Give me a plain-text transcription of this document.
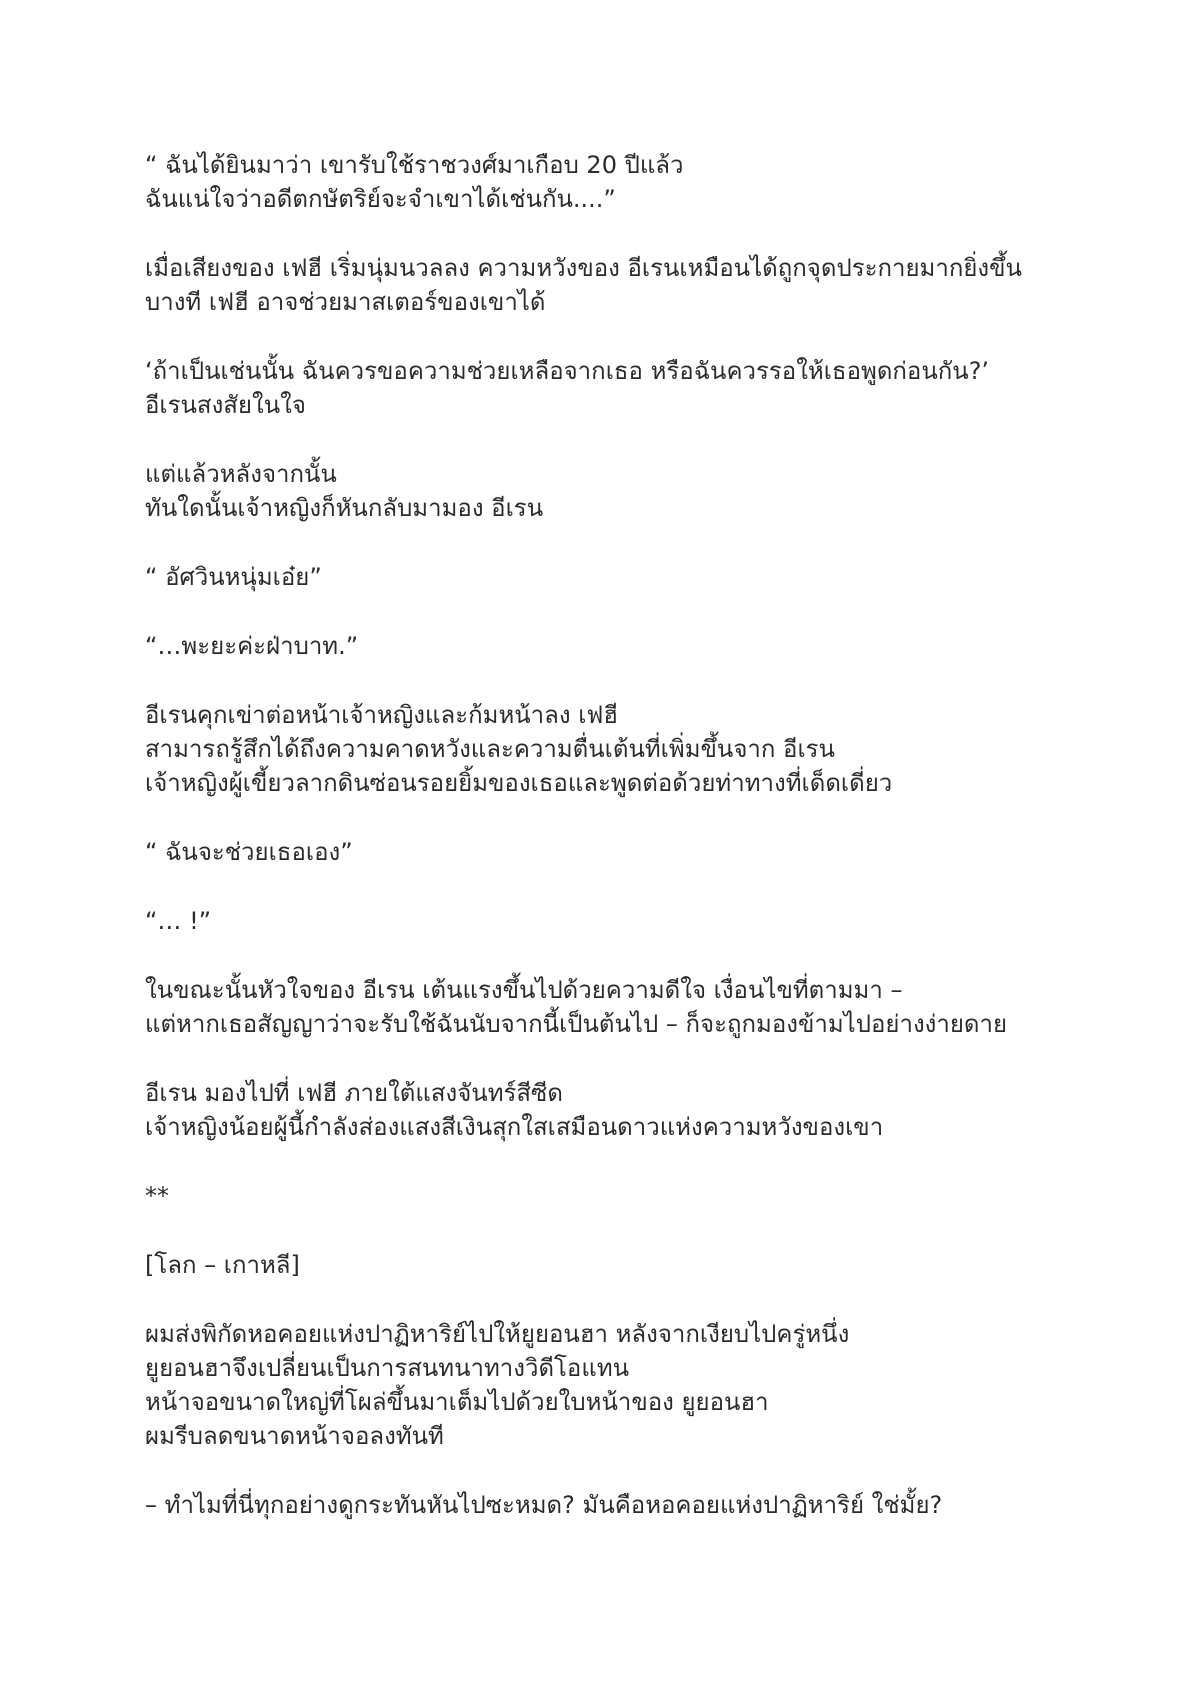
“ ฉันได้ยินมาว่า เขารับใช้ราชวงศ์มาเกือบ 20 ปีแล้ว
ฉันแน่ใจว่าอดีตกษัตริย์จะจำเขาได้เช่นกัน....”
เมื่อเสียงของ เฟฮี เริ่มนุ่มนวลลง ความหวังของ อีเรนเหมือนได้ถูกจุดประกายมากยิ่งขึ้น
บางที เฟฮี อาจช่วยมาสเตอร์ของเขาได้
‘ถ้าเป็นเช่นนั้น ฉันควรขอความช่วยเหลือจากเธอ หรือฉันควรรอให้เธอพูดก่อนกัน?’
อีเรนสงสัยในใจ
แต่แล้วหลังจากนั้น
ทันใดนั้นเจ้าหญิงก็หันกลับมามอง อีเรน
“ อัศวินหนุ่มเอ๋ย”
“…พะยะค่ะฝ่าบาท.”
อีเรนคุกเข่าต่อหน้าเจ้าหญิงและก้มหน้าลง เฟฮี
สามารถรู้สึกได้ถึงความคาดหวังและความตื่นเต้นที่เพิ่มขึ้นจาก อีเรน
เจ้าหญิงผู้เขี้ยวลากดินซ่อนรอยยิ้มของเธอและพูดต่อด้วยท่าทางที่เด็ดเดี่ยว
“ ฉันจะช่วยเธอเอง”
“… !”
ในขณะนั้นหัวใจของ อีเรน เต้นแรงขึ้นไปด้วยความดีใจ เงื่อนไขที่ตามมา –
แต่หากเธอสัญญาว่าจะรับใช้ฉันนับจากนี้เป็นต้นไป – ก็จะถูกมองข้ามไปอย่างง่ายดาย
อีเรน มองไปที่ เฟฮี ภายใต้แสงจันทร์สีซีด
เจ้าหญิงน้อยผู้นี้กำลังส่องแสงสีเงินสุกใสเสมือนดาวแห่งความหวังของเขา
**
[โลก – เกาหลี]
ผมส่งพิกัดหอคอยแห่งปาฏิหาริย์ไปให้ยูยอนฮา หลังจากเงียบไปครู่หนึ่ง
ยูยอนฮาจึงเปลี่ยนเป็นการสนทนาทางวิดีโอแทน
หน้าจอขนาดใหญ่ที่โผล่ขึ้นมาเต็มไปด้วยใบหน้าของ ยูยอนฮา
ผมรีบลดขนาดหน้าจอลงทันที
– ทำไมที่นี่ทุกอย่างดูกระทันหันไปซะหมด? มันคือหอคอยแห่งปาฏิหาริย์ ใช่มั้ย?
